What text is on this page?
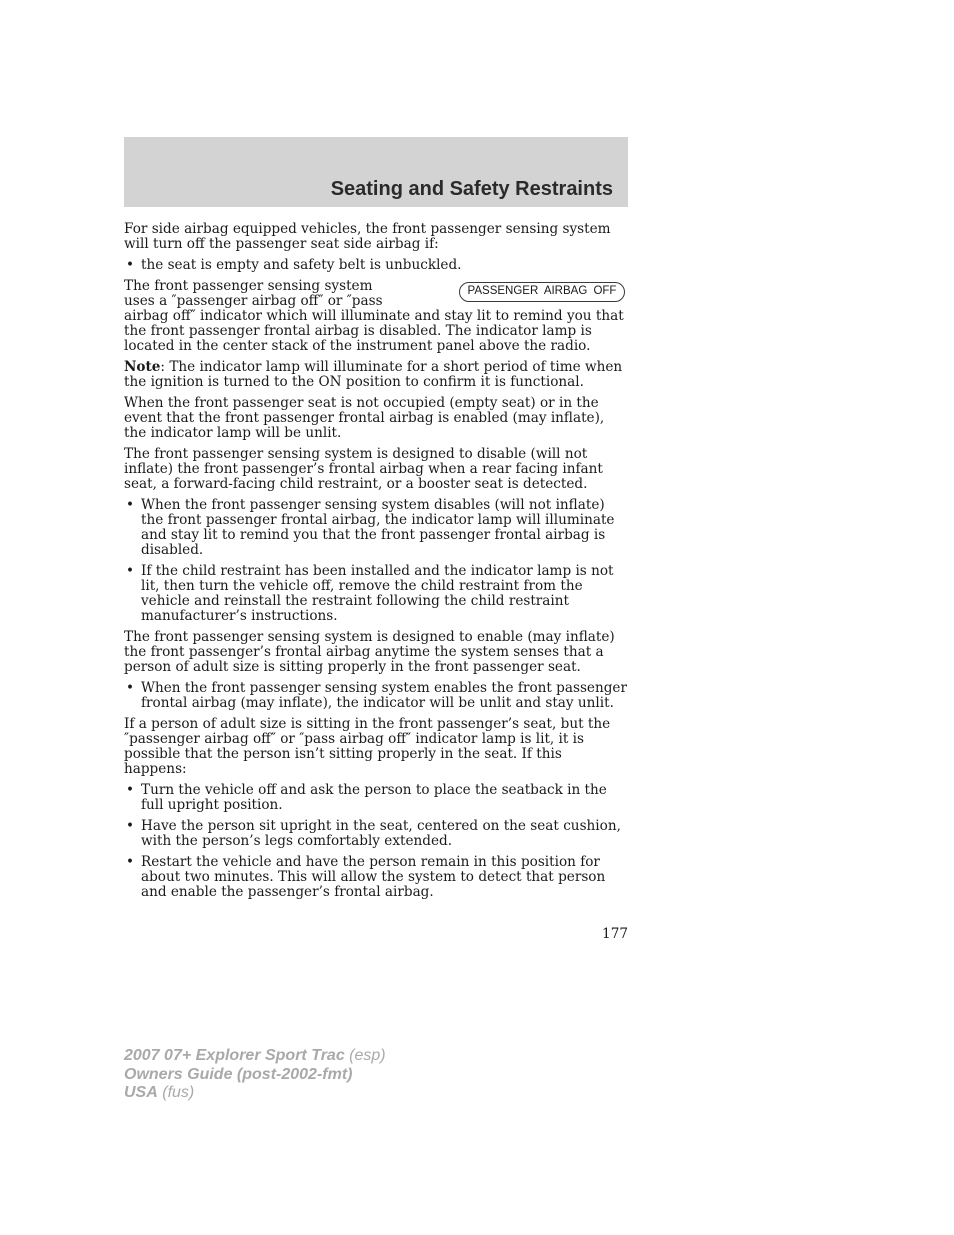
Seating and Safety Restraints

For side airbag equipped vehicles, the front passenger sensing system will turn off the passenger seat side airbag if:

• the seat is empty and safety belt is unbuckled.

PASSENGER AIRBAG OFF
The front passenger sensing system uses a ″passenger airbag off″ or ″pass airbag off″ indicator which will illuminate and stay lit to remind you that the front passenger frontal airbag is disabled. The indicator lamp is located in the center stack of the instrument panel above the radio.

Note: The indicator lamp will illuminate for a short period of time when the ignition is turned to the ON position to confirm it is functional.

When the front passenger seat is not occupied (empty seat) or in the event that the front passenger frontal airbag is enabled (may inflate), the indicator lamp will be unlit.

The front passenger sensing system is designed to disable (will not inflate) the front passenger’s frontal airbag when a rear facing infant seat, a forward-facing child restraint, or a booster seat is detected.

• When the front passenger sensing system disables (will not inflate) the front passenger frontal airbag, the indicator lamp will illuminate and stay lit to remind you that the front passenger frontal airbag is disabled.
• If the child restraint has been installed and the indicator lamp is not lit, then turn the vehicle off, remove the child restraint from the vehicle and reinstall the restraint following the child restraint manufacturer’s instructions.

The front passenger sensing system is designed to enable (may inflate) the front passenger’s frontal airbag anytime the system senses that a person of adult size is sitting properly in the front passenger seat.

• When the front passenger sensing system enables the front passenger frontal airbag (may inflate), the indicator will be unlit and stay unlit.

If a person of adult size is sitting in the front passenger’s seat, but the ″passenger airbag off″ or ″pass airbag off″ indicator lamp is lit, it is possible that the person isn’t sitting properly in the seat. If this happens:

• Turn the vehicle off and ask the person to place the seatback in the full upright position.
• Have the person sit upright in the seat, centered on the seat cushion, with the person’s legs comfortably extended.
• Restart the vehicle and have the person remain in this position for about two minutes. This will allow the system to detect that person and enable the passenger’s frontal airbag.
177
2007 07+ Explorer Sport Trac (esp)
Owners Guide (post-2002-fmt)
USA (fus)
